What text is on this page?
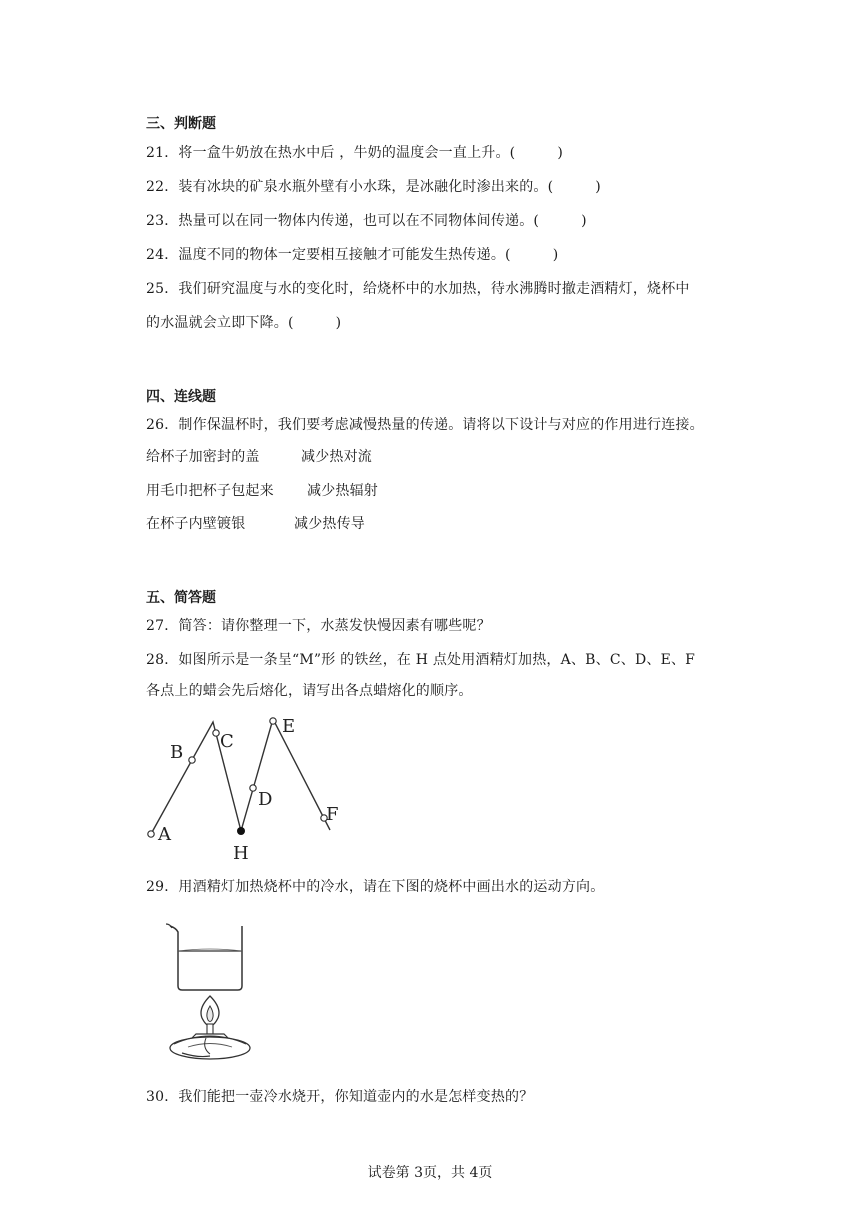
三、判断题
21．将一盒牛奶放在热水中后 ，牛奶的温度会一直上升。(	)
22．装有冰块的矿泉水瓶外壁有小水珠，是冰融化时渗出来的。(	)
23．热量可以在同一物体内传递，也可以在不同物体间传递。(	)
24．温度不同的物体一定要相互接触才可能发生热传递。(	)
25．我们研究温度与水的变化时，给烧杯中的水加热，待水沸腾时撤走酒精灯，烧杯中
的水温就会立即下降。(	)
四、连线题
26．制作保温杯时，我们要考虑减慢热量的传递。请将以下设计与对应的作用进行连接。
给杯子加密封的盖	减少热对流
用毛巾把杯子包起来 减少热辐射
在杯子内壁镀银	减少热传导
五、简答题
27．简答：请你整理一下，水蒸发快慢因素有哪些呢？
28．如图所示是一条呈“M”形 的铁丝，在 H 点处用酒精灯加热，A、B、C、D、E、F
各点上的蜡会先后熔化，请写出各点蜡熔化的顺序。
A
B
C
D
E
F
H
29．用酒精灯加热烧杯中的冷水，请在下图的烧杯中画出水的运动方向。
30．我们能把一壶冷水烧开，你知道壶内的水是怎样变热的？
试卷第 3页，共 4页
